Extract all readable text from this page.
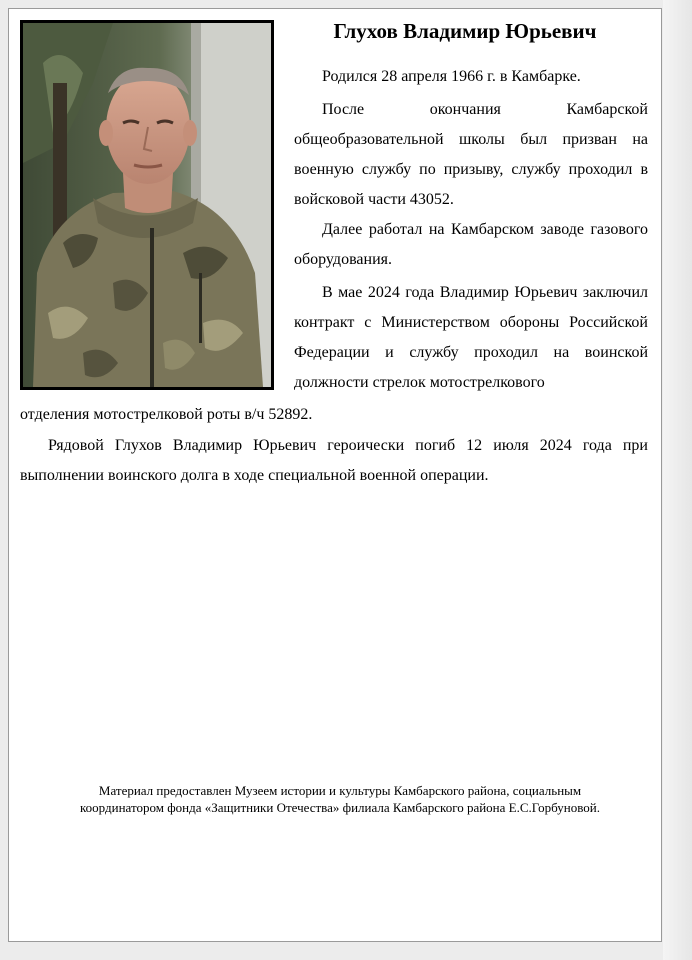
Глухов Владимир Юрьевич

Родился 28 апреля 1966 г. в Камбарке.

После окончания Камбарской общеобразовательной школы был призван на военную службу по призыву, службу проходил в войсковой части 43052.

Далее работал на Камбарском заводе газового оборудования.

В мае 2024 года Владимир Юрьевич заключил контракт с Министерством обороны Российской Федерации и службу проходил на воинской должности стрелок мотострелкового

отделения мотострелковой роты в/ч 52892.

Рядовой Глухов Владимир Юрьевич героически погиб 12 июля 2024 года при выполнении воинского долга в ходе специальной военной операции.

Материал предоставлен Музеем истории и культуры Камбарского района, социальным
координатором фонда «Защитники Отечества» филиала Камбарского района Е.С.Горбуновой.
